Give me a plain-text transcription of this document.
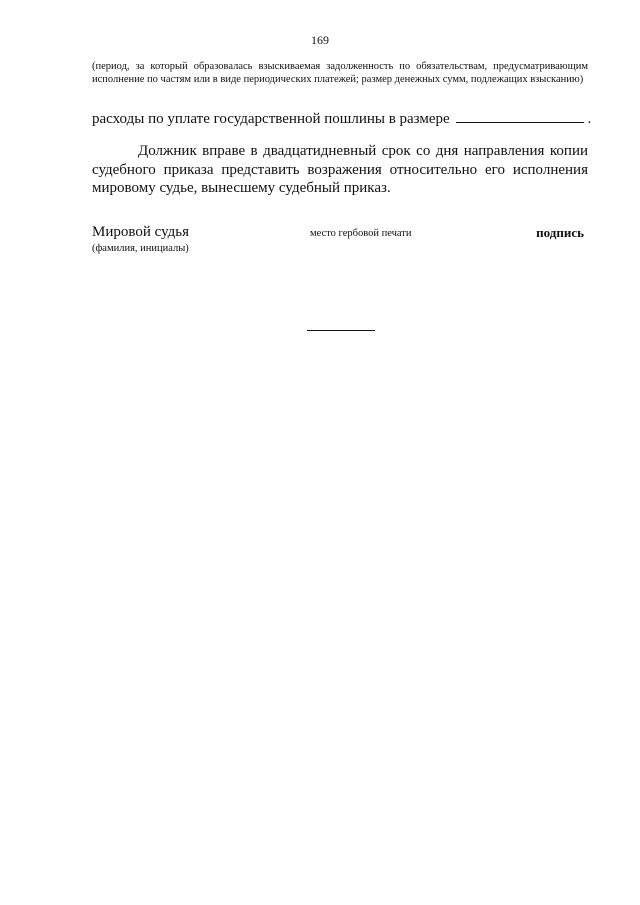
169
(период, за который образовалась взыскиваемая задолженность по обязательствам, предусматривающим исполнение по частям или в виде периодических платежей; размер денежных сумм, подлежащих взысканию)
расходы по уплате государственной пошлины в размере	.
Должник вправе в двадцатидневный срок со дня направления копии судебного приказа представить возражения относительно его исполнения мировому судье, вынесшему судебный приказ.
Мировой судья
(фамилия, инициалы)
место гербовой печати	подпись
